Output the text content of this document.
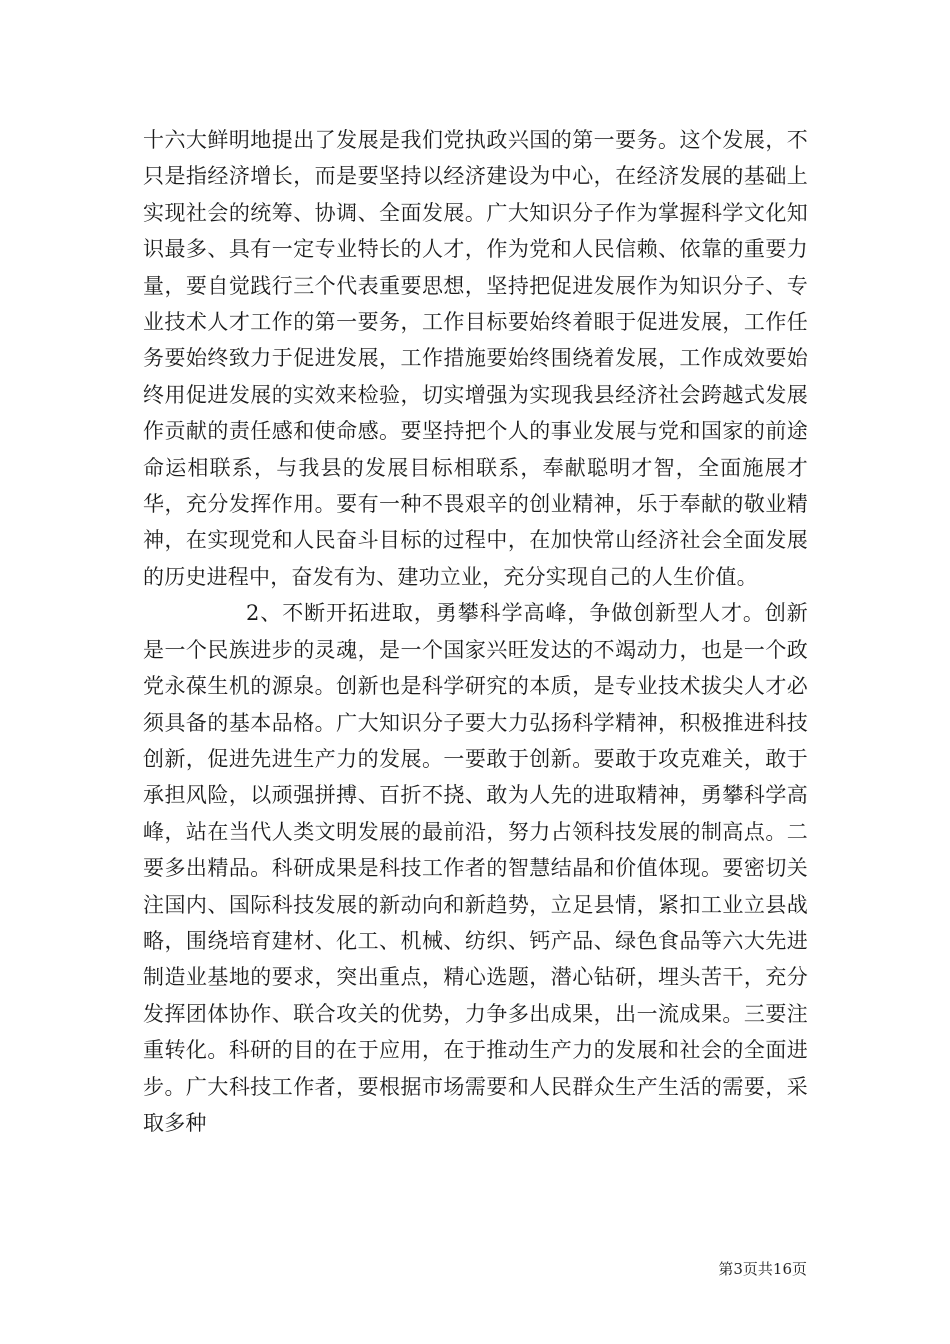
十六大鲜明地提出了发展是我们党执政兴国的第一要务。这个发展，不只是指经济增长，而是要坚持以经济建设为中心，在经济发展的基础上实现社会的统筹、协调、全面发展。广大知识分子作为掌握科学文化知识最多、具有一定专业特长的人才，作为党和人民信赖、依靠的重要力量，要自觉践行三个代表重要思想，坚持把促进发展作为知识分子、专业技术人才工作的第一要务，工作目标要始终着眼于促进发展，工作任务要始终致力于促进发展，工作措施要始终围绕着发展，工作成效要始终用促进发展的实效来检验，切实增强为实现我县经济社会跨越式发展作贡献的责任感和使命感。要坚持把个人的事业发展与党和国家的前途命运相联系，与我县的发展目标相联系，奉献聪明才智，全面施展才华，充分发挥作用。要有一种不畏艰辛的创业精神，乐于奉献的敬业精神，在实现党和人民奋斗目标的过程中，在加快常山经济社会全面发展的历史进程中，奋发有为、建功立业，充分实现自己的人生价值。

2、不断开拓进取，勇攀科学高峰，争做创新型人才。创新是一个民族进步的灵魂，是一个国家兴旺发达的不竭动力，也是一个政党永葆生机的源泉。创新也是科学研究的本质，是专业技术拔尖人才必须具备的基本品格。广大知识分子要大力弘扬科学精神，积极推进科技创新，促进先进生产力的发展。一要敢于创新。要敢于攻克难关，敢于承担风险，以顽强拼搏、百折不挠、敢为人先的进取精神，勇攀科学高峰，站在当代人类文明发展的最前沿，努力占领科技发展的制高点。二要多出精品。科研成果是科技工作者的智慧结晶和价值体现。要密切关注国内、国际科技发展的新动向和新趋势，立足县情，紧扣工业立县战略，围绕培育建材、化工、机械、纺织、钙产品、绿色食品等六大先进制造业基地的要求，突出重点，精心选题，潜心钻研，埋头苦干，充分发挥团体协作、联合攻关的优势，力争多出成果，出一流成果。三要注重转化。科研的目的在于应用，在于推动生产力的发展和社会的全面进步。广大科技工作者，要根据市场需要和人民群众生产生活的需要，采取多种

第3页共16页
